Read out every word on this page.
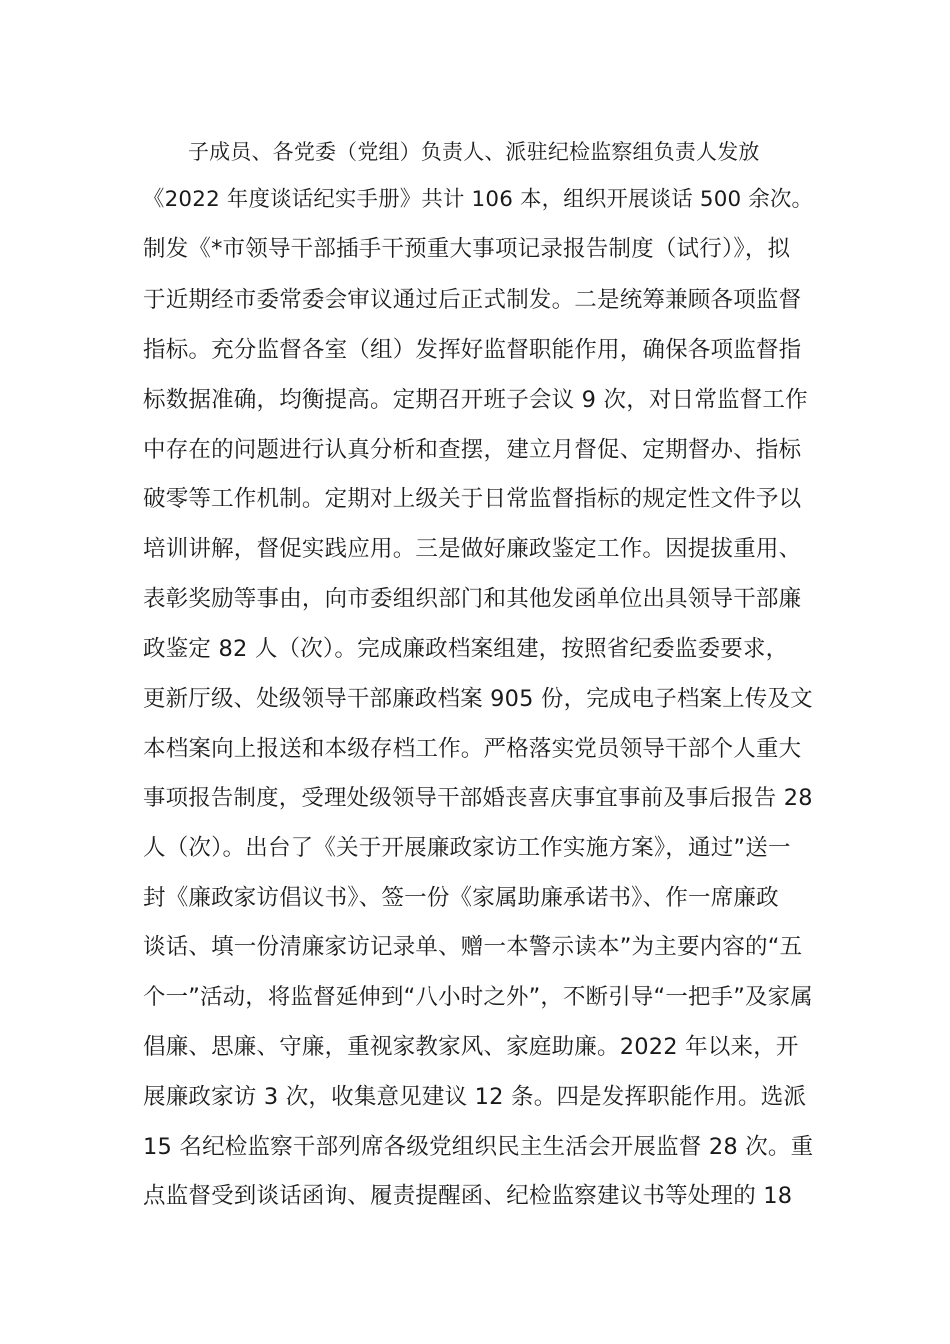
子成员、各党委（党组）负责人、派驻纪检监察组负责人发放
《2022 年度谈话纪实手册》共计 106 本，组织开展谈话 500 余次。
制发《*市领导干部插手干预重大事项记录报告制度（试行）》，拟
于近期经市委常委会审议通过后正式制发。二是统筹兼顾各项监督
指标。充分监督各室（组）发挥好监督职能作用，确保各项监督指
标数据准确，均衡提高。定期召开班子会议 9 次，对日常监督工作
中存在的问题进行认真分析和查摆，建立月督促、定期督办、指标
破零等工作机制。定期对上级关于日常监督指标的规定性文件予以
培训讲解，督促实践应用。三是做好廉政鉴定工作。因提拔重用、
表彰奖励等事由，向市委组织部门和其他发函单位出具领导干部廉
政鉴定 82 人（次）。完成廉政档案组建，按照省纪委监委要求，
更新厅级、处级领导干部廉政档案 905 份，完成电子档案上传及文
本档案向上报送和本级存档工作。严格落实党员领导干部个人重大
事项报告制度，受理处级领导干部婚丧喜庆事宜事前及事后报告 28
人（次）。出台了《关于开展廉政家访工作实施方案》，通过”送一
封《廉政家访倡议书》、签一份《家属助廉承诺书》、作一席廉政
谈话、填一份清廉家访记录单、赠一本警示读本”为主要内容的“五
个一”活动，将监督延伸到“八小时之外”，不断引导“一把手”及家属
倡廉、思廉、守廉，重视家教家风、家庭助廉。2022 年以来，开
展廉政家访 3 次，收集意见建议 12 条。四是发挥职能作用。选派
15 名纪检监察干部列席各级党组织民主生活会开展监督 28 次。重
点监督受到谈话函询、履责提醒函、纪检监察建议书等处理的 18
